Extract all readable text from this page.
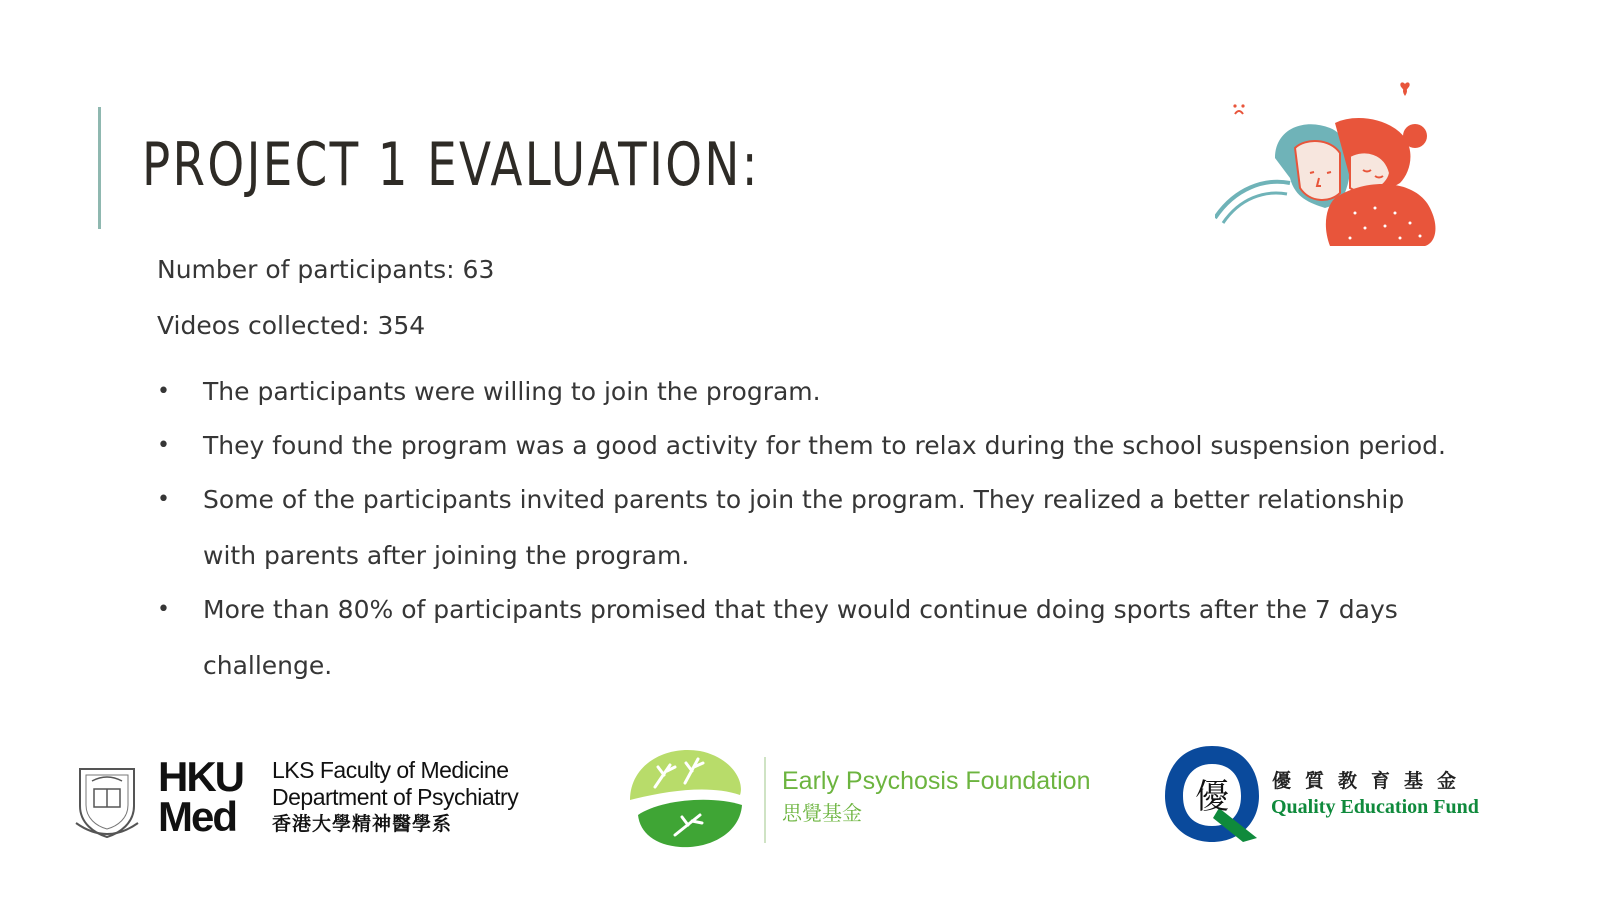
PROJECT 1 EVALUATION:

Number of participants: 63

Videos collected: 354

• The participants were willing to join the program.
• They found the program was a good activity for them to relax during the school suspension period.
• Some of the participants invited parents to join the program. They realized a better relationship with parents after joining the program.
• More than 80% of participants promised that they would continue doing sports after the 7 days challenge.
HKU
Med
LKS Faculty of Medicine
Department of Psychiatry
香港大學精神醫學系
Early Psychosis Foundation
思覺基金	優 優質教育基金
Quality Education Fund
